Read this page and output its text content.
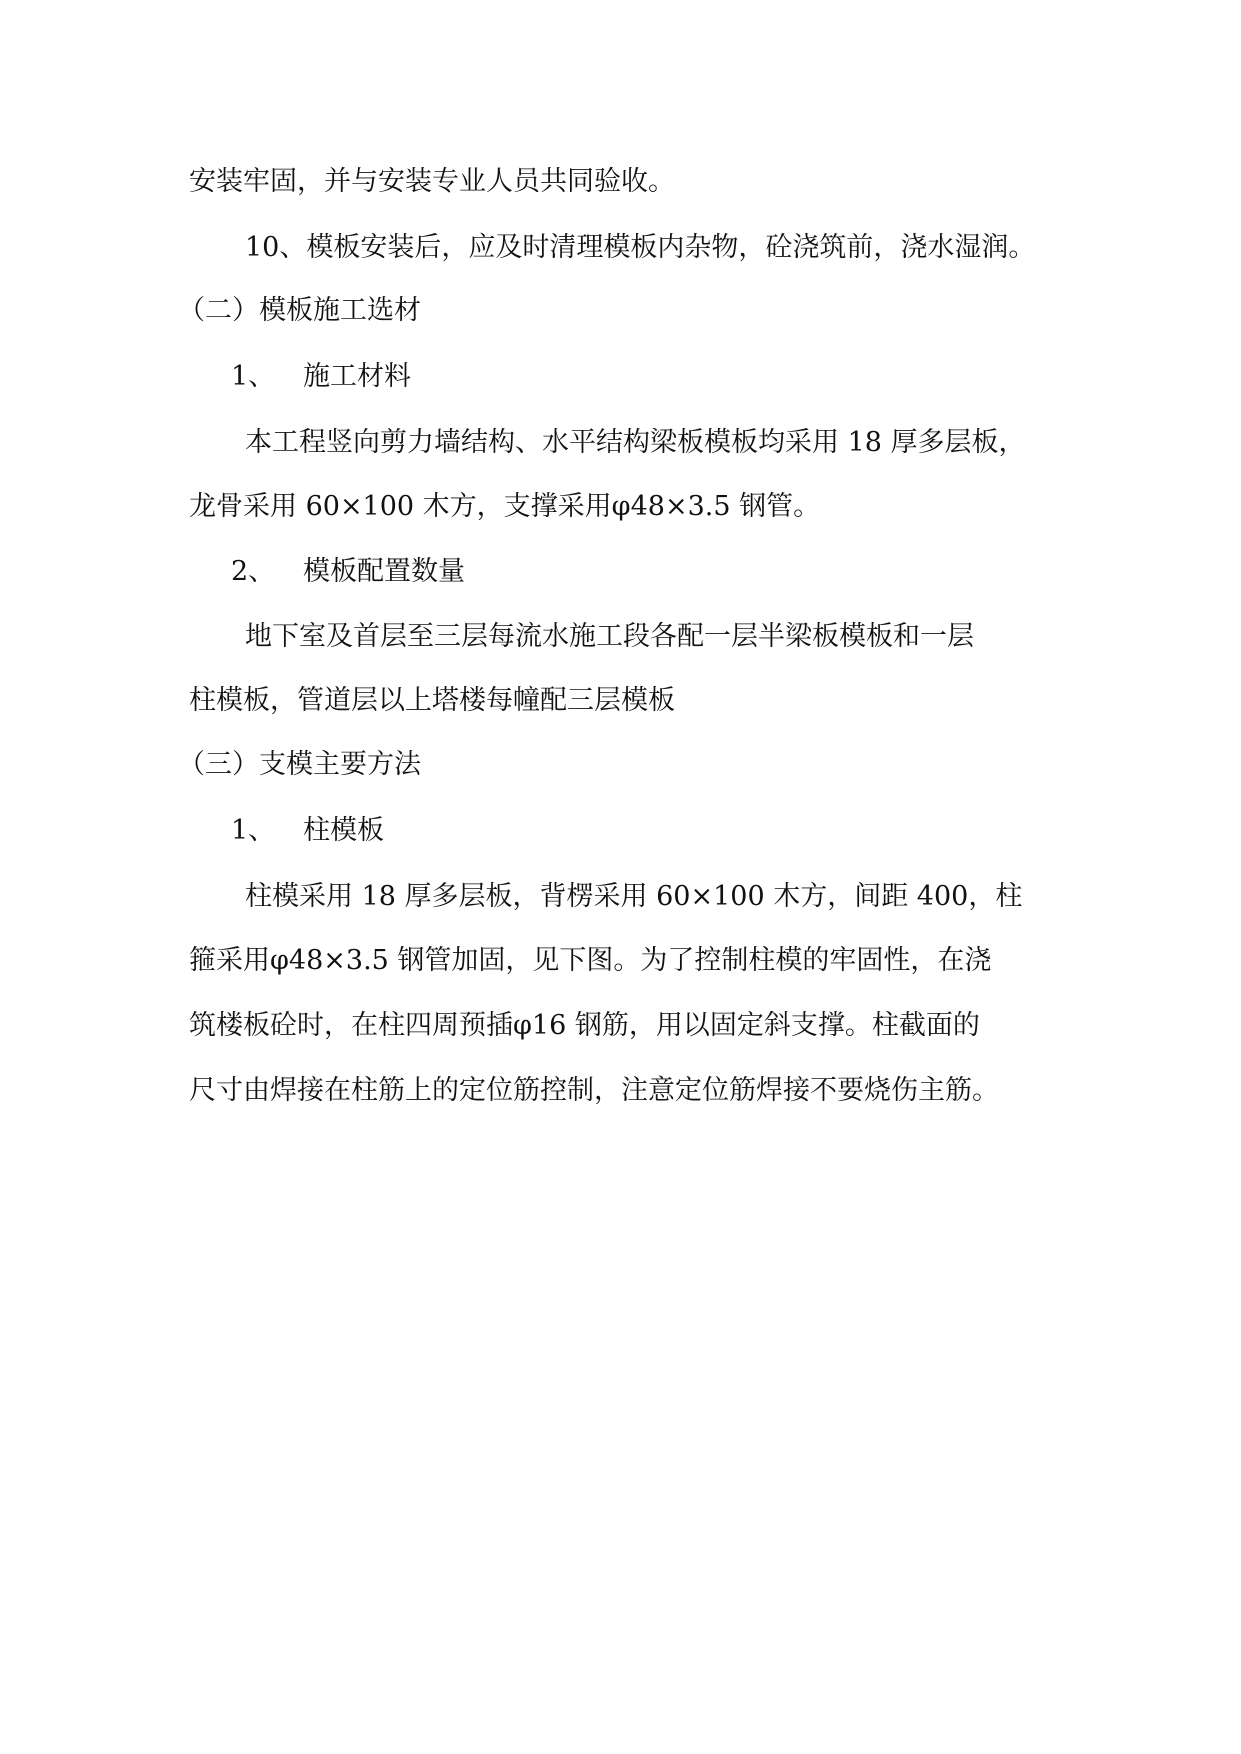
安装牢固，并与安装专业人员共同验收。
10、模板安装后，应及时清理模板内杂物，砼浇筑前，浇水湿润。
（二）模板施工选材
1、 施工材料
本工程竖向剪力墙结构、水平结构梁板模板均采用 18 厚多层板，
龙骨采用 60×100 木方，支撑采用φ48×3.5 钢管。
2、 模板配置数量
地下室及首层至三层每流水施工段各配一层半梁板模板和一层
柱模板，管道层以上塔楼每幢配三层模板
（三）支模主要方法
1、 柱模板
柱模采用 18 厚多层板，背楞采用 60×100 木方，间距 400，柱
箍采用φ48×3.5 钢管加固，见下图。为了控制柱模的牢固性，在浇
筑楼板砼时，在柱四周预插φ16 钢筋，用以固定斜支撑。柱截面的
尺寸由焊接在柱筋上的定位筋控制，注意定位筋焊接不要烧伤主筋。
